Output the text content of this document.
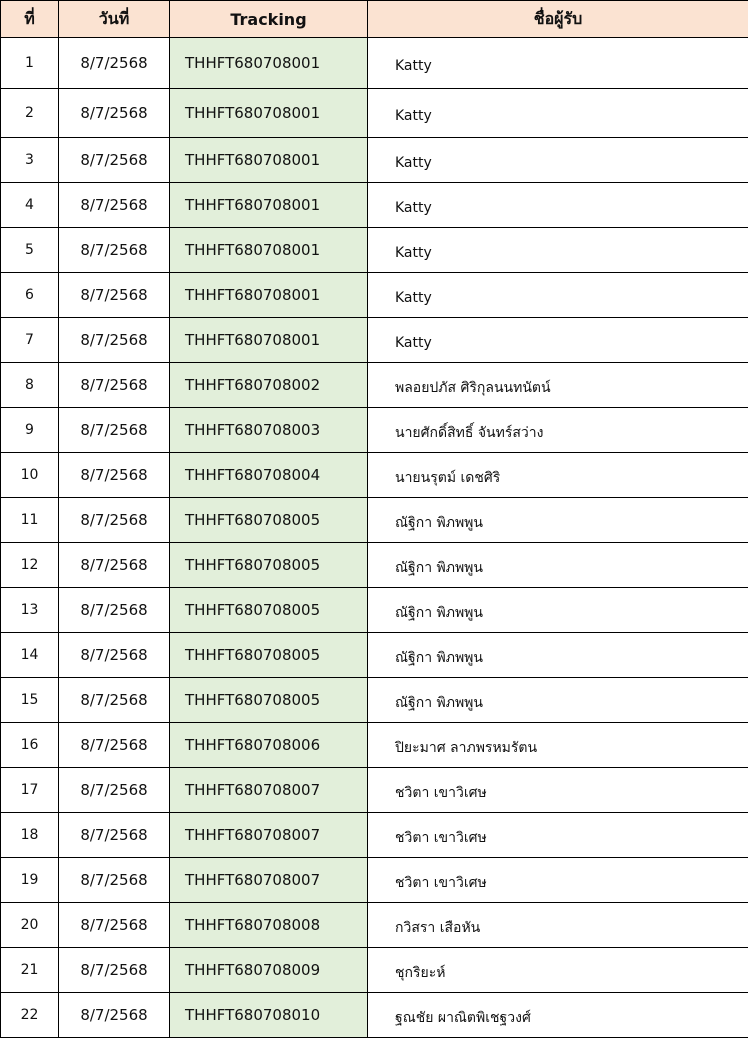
ที่	วันที่	Tracking	ชื่อผู้รับ
1	8/7/2568	THHFT680708001	Katty
2	8/7/2568	THHFT680708001	Katty
3	8/7/2568	THHFT680708001	Katty
4	8/7/2568	THHFT680708001	Katty
5	8/7/2568	THHFT680708001	Katty
6	8/7/2568	THHFT680708001	Katty
7	8/7/2568	THHFT680708001	Katty
8	8/7/2568	THHFT680708002	พลอยปภัส ศิริกุลนนทนัตน์
9	8/7/2568	THHFT680708003	นายศักดิ์สิทธิ์ จันทร์สว่าง
10	8/7/2568	THHFT680708004	นายนรุตม์ เดชศิริ
11	8/7/2568	THHFT680708005	ณัฐิกา พิภพพูน
12	8/7/2568	THHFT680708005	ณัฐิกา พิภพพูน
13	8/7/2568	THHFT680708005	ณัฐิกา พิภพพูน
14	8/7/2568	THHFT680708005	ณัฐิกา พิภพพูน
15	8/7/2568	THHFT680708005	ณัฐิกา พิภพพูน
16	8/7/2568	THHFT680708006	ปิยะมาศ ลาภพรหมรัตน
17	8/7/2568	THHFT680708007	ชวิตา เขาวิเศษ
18	8/7/2568	THHFT680708007	ชวิตา เขาวิเศษ
19	8/7/2568	THHFT680708007	ชวิตา เขาวิเศษ
20	8/7/2568	THHFT680708008	กวิสรา เสือหัน
21	8/7/2568	THHFT680708009	ชุกริยะห์
22	8/7/2568	THHFT680708010	ฐณชัย ผาณิตพิเชฐวงศ์
